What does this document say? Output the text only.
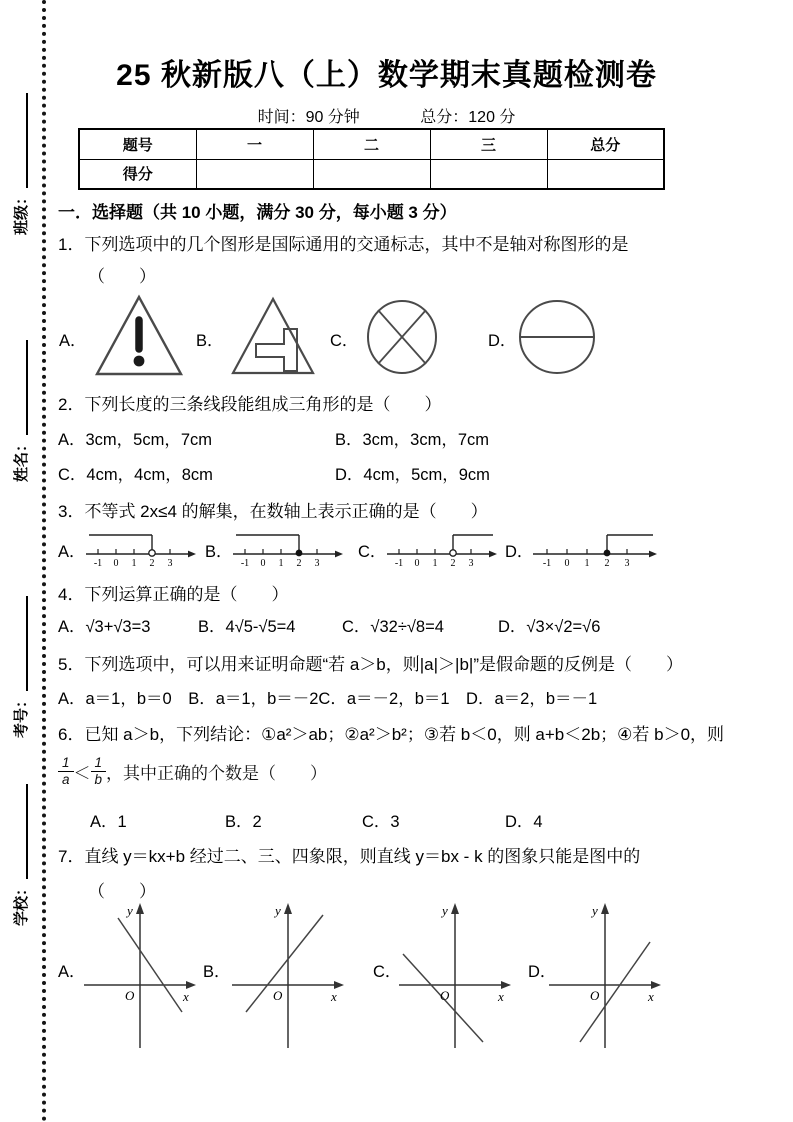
班级：
姓名：
考号：
学校：
25 秋新版八（上）数学期末真题检测卷
时间：90 分钟	总分：120 分
题号	一	二	三	总分
得分				
一．选择题（共 10 小题，满分 30 分，每小题 3 分）
1．下列选项中的几个图形是国际通用的交通标志，其中不是轴对称图形的是
（　　）
A．	B．	C．	D．
2．下列长度的三条线段能组成三角形的是（　　）
A．3cm，5cm，7cm	B．3cm，3cm，7cm
C．4cm，4cm，8cm	D．4cm，5cm，9cm
3．不等式 2x≤4 的解集，在数轴上表示正确的是（　　）
A．
-1 0 1 2 3
B．
-1 0 1 2 3
C．
-1 0 1 2 3
D．
-1 0 1 2 3
4．下列运算正确的是（　　）
A．√3+√3=3	B．4√5-√5=4	C．√32÷√8=4	D．√3×√2=√6
5．下列选项中，可以用来证明命题“若 a＞b，则|a|＞|b|”是假命题的反例是（　　）
A．a＝1，b＝0　B．a＝1，b＝－2C．a＝－2，b＝1　D．a＝2，b＝－1
6．已知 a＞b，下列结论：①a²＞ab；②a²＞b²；③若 b＜0，则 a+b＜2b；④若 b＞0，则
$\frac{1}{a} < \frac{1}{b}$ ，其中正确的个数是（　　）
A．1	B．2	C．3	D．4
7．直线 y＝kx+b 经过二、三、四象限，则直线 y＝bx - k 的图象只能是图中的
（　　）
A．
y
x
O
B．
y
x
O
C．
y
x
O
D．
y
x
O
